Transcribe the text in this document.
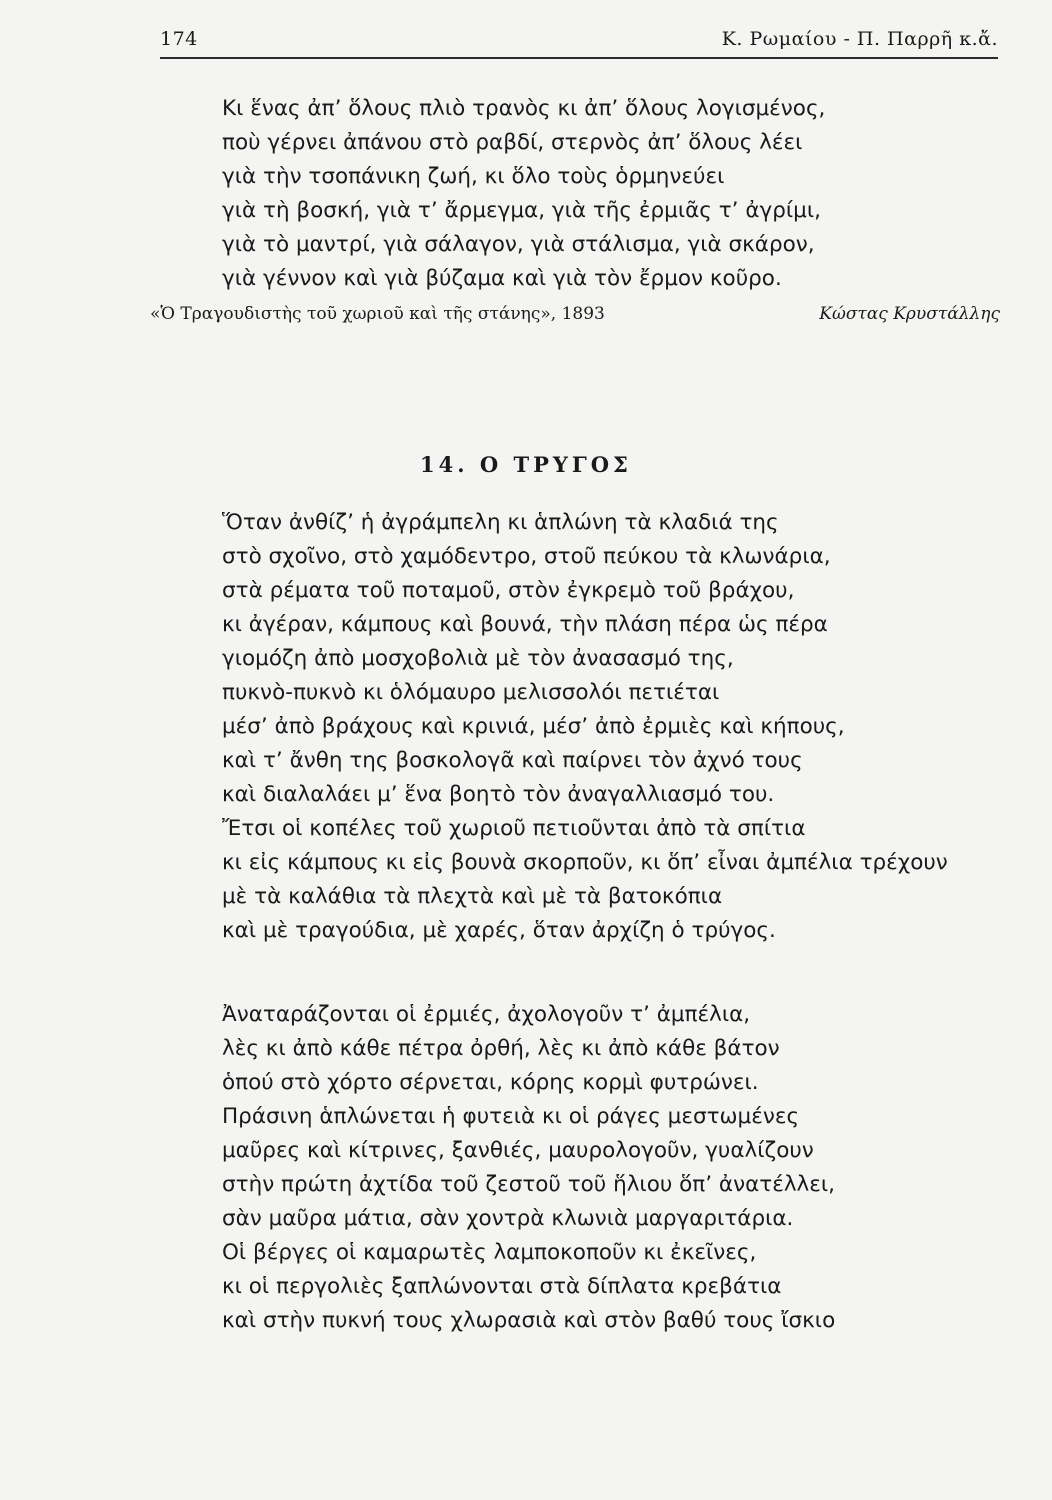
174	Κ. Ρωμαίου - Π. Παρρῆ κ.ἄ.
Κι ἕνας ἀπ’ ὅλους πλιὸ τρανὸς κι ἀπ’ ὅλους λογισμένος,
ποὺ γέρνει ἀπάνου στὸ ραβδί, στερνὸς ἀπ’ ὅλους λέει
γιὰ τὴν τσοπάνικη ζωή, κι ὅλο τοὺς ὁρμηνεύει
γιὰ τὴ βοσκή, γιὰ τ’ ἄρμεγμα, γιὰ τῆς ἐρμιᾶς τ’ ἀγρίμι,
γιὰ τὸ μαντρί, γιὰ σάλαγον, γιὰ στάλισμα, γιὰ σκάρον,
γιὰ γέννον καὶ γιὰ βύζαμα καὶ γιὰ τὸν ἔρμον κοῦρο.
«Ὁ Τραγουδιστὴς τοῦ χωριοῦ καὶ τῆς στάνης», 1893	Κώστας Κρυστάλλης
14. Ο ΤΡΥΓΟΣ
Ὅταν ἀνθίζ’ ἡ ἀγράμπελη κι ἁπλώνη τὰ κλαδιά της
στὸ σχοῖνο, στὸ χαμόδεντρο, στοῦ πεύκου τὰ κλωνάρια,
στὰ ρέματα τοῦ ποταμοῦ, στὸν ἐγκρεμὸ τοῦ βράχου,
κι ἀγέραν, κάμπους καὶ βουνά, τὴν πλάση πέρα ὡς πέρα
γιομόζη ἀπὸ μοσχοβολιὰ μὲ τὸν ἀνασασμό της,
πυκνὸ-πυκνὸ κι ὁλόμαυρο μελισσολόι πετιέται
μέσ’ ἀπὸ βράχους καὶ κρινιά, μέσ’ ἀπὸ ἐρμιὲς καὶ κήπους,
καὶ τ’ ἄνθη της βοσκολογᾶ καὶ παίρνει τὸν ἀχνό τους
καὶ διαλαλάει μ’ ἕνα βοητὸ τὸν ἀναγαλλιασμό του.
Ἔτσι οἱ κοπέλες τοῦ χωριοῦ πετιοῦνται ἀπὸ τὰ σπίτια
κι εἰς κάμπους κι εἰς βουνὰ σκορποῦν, κι ὅπ’ εἶναι ἀμπέλια τρέχουν
μὲ τὰ καλάθια τὰ πλεχτὰ καὶ μὲ τὰ βατοκόπια
καὶ μὲ τραγούδια, μὲ χαρές, ὅταν ἀρχίζη ὁ τρύγος.
Ἀναταράζονται οἱ ἐρμιές, ἀχολογοῦν τ’ ἀμπέλια,
λὲς κι ἀπὸ κάθε πέτρα ὀρθή, λὲς κι ἀπὸ κάθε βάτον
ὁπού στὸ χόρτο σέρνεται, κόρης κορμὶ φυτρώνει.
Πράσινη ἁπλώνεται ἡ φυτειὰ κι οἱ ράγες μεστωμένες
μαῦρες καὶ κίτρινες, ξανθιές, μαυρολογοῦν, γυαλίζουν
στὴν πρώτη ἀχτίδα τοῦ ζεστοῦ τοῦ ἥλιου ὅπ’ ἀνατέλλει,
σὰν μαῦρα μάτια, σὰν χοντρὰ κλωνιὰ μαργαριτάρια.
Οἱ βέργες οἱ καμαρωτὲς λαμποκοποῦν κι ἐκεῖνες,
κι οἱ περγολιὲς ξαπλώνονται στὰ δίπλατα κρεβάτια
καὶ στὴν πυκνή τους χλωρασιὰ καὶ στὸν βαθύ τους ἴσκιο
